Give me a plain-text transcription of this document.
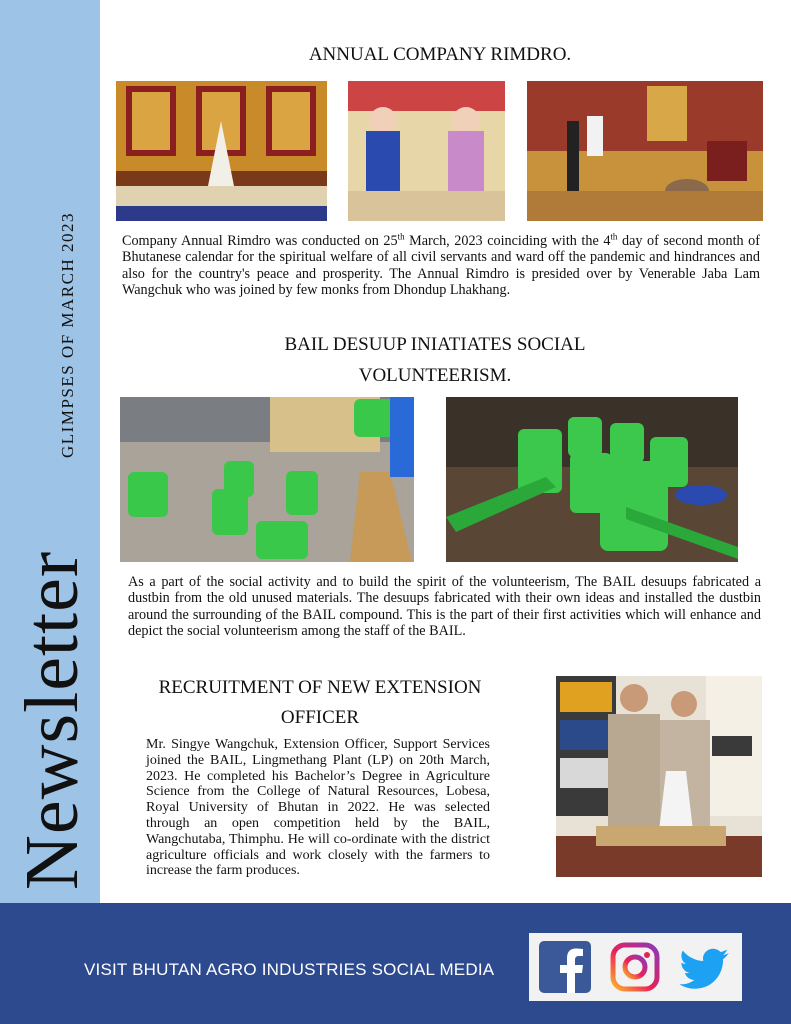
Newsletter
GLIMPSES OF MARCH 2023
ANNUAL COMPANY RIMDRO.
Company Annual Rimdro was conducted on 25th March, 2023 coinciding with the 4th day of second month of Bhutanese calendar for the spiritual welfare of all civil servants and ward off the pandemic and hindrances and also for the country's peace and prosperity. The Annual Rimdro is presided over by Venerable Jaba Lam Wangchuk who was joined by few monks from Dhondup Lhakhang.
BAIL DESUUP INIATIATES SOCIAL
VOLUNTEERISM.
As a part of the social activity and to build the spirit of the volunteerism, The BAIL desuups fabricated a dustbin from the old unused materials. The desuups fabricated with their own ideas and installed the dustbin around the surrounding of the BAIL compound. This is the part of their first activities which will enhance and depict the social volunteerism among the staff of the BAIL.
RECRUITMENT OF NEW EXTENSION
OFFICER
Mr. Singye Wangchuk, Extension Officer, Support Services joined the BAIL, Lingmethang Plant (LP) on 20th March, 2023. He completed his Bachelor’s Degree in Agriculture Science from the College of Natural Resources, Lobesa, Royal University of Bhutan in 2022. He was selected through an open competition held by the BAIL, Wangchutaba, Thimphu. He will co-ordinate with the district agriculture officials and work closely with the farmers to increase the farm produces.
VISIT BHUTAN AGRO INDUSTRIES SOCIAL MEDIA
